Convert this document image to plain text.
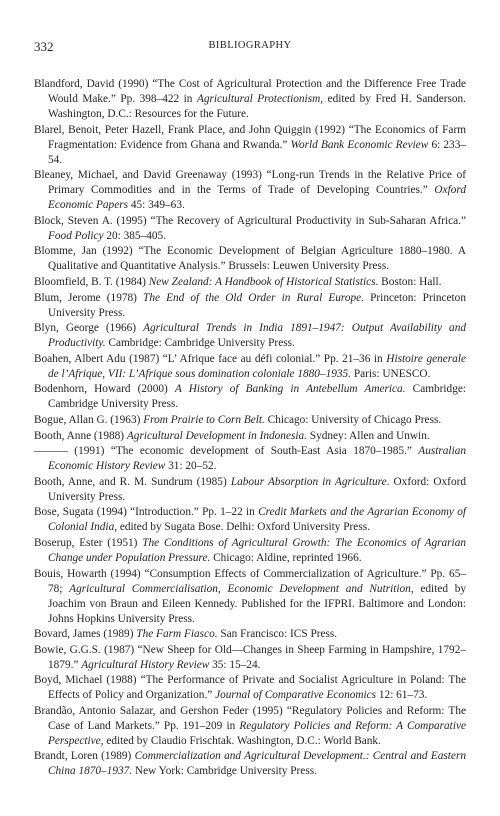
332	BIBLIOGRAPHY

Blandford, David (1990) “The Cost of Agricultural Protection and the Difference Free Trade Would Make.” Pp. 398–422 in Agricultural Protectionism, edited by Fred H. Sanderson. Washington, D.C.: Resources for the Future.

Blarel, Benoit, Peter Hazell, Frank Place, and John Quiggin (1992) “The Economics of Farm Fragmentation: Evidence from Ghana and Rwanda.” World Bank Economic Review 6: 233–54.

Bleaney, Michael, and David Greenaway (1993) “Long-run Trends in the Relative Price of Primary Commodities and in the Terms of Trade of Developing Countries.” Oxford Economic Papers 45: 349–63.

Block, Steven A. (1995) “The Recovery of Agricultural Productivity in Sub-Saharan Africa.” Food Policy 20: 385–405.

Blomme, Jan (1992) “The Economic Development of Belgian Agriculture 1880–1980. A Qualitative and Quantitative Analysis.” Brussels: Leuwen University Press.

Bloomfield, B. T. (1984) New Zealand: A Handbook of Historical Statistics. Boston: Hall.

Blum, Jerome (1978) The End of the Old Order in Rural Europe. Princeton: Princeton University Press.

Blyn, George (1966) Agricultural Trends in India 1891–1947: Output Availability and Productivity. Cambridge: Cambridge University Press.

Boahen, Albert Adu (1987) “L’ Afrique face au défi colonial.” Pp. 21–36 in Histoire generale de l’Afrique, VII: L’Afrique sous domination coloniale 1880–1935. Paris: UNESCO.

Bodenhorn, Howard (2000) A History of Banking in Antebellum America. Cambridge: Cambridge University Press.

Bogue, Allan G. (1963) From Prairie to Corn Belt. Chicago: University of Chicago Press.

Booth, Anne (1988) Agricultural Development in Indonesia. Sydney: Allen and Unwin.

——— (1991) “The economic development of South-East Asia 1870–1985.” Australian Economic History Review 31: 20–52.

Booth, Anne, and R. M. Sundrum (1985) Labour Absorption in Agriculture. Oxford: Oxford University Press.

Bose, Sugata (1994) “Introduction.” Pp. 1–22 in Credit Markets and the Agrarian Economy of Colonial India, edited by Sugata Bose. Delhi: Oxford University Press.

Boserup, Ester (1951) The Conditions of Agricultural Growth: The Economics of Agrarian Change under Population Pressure. Chicago: Aldine, reprinted 1966.

Bouis, Howarth (1994) “Consumption Effects of Commercialization of Agriculture.” Pp. 65–78; Agricultural Commercialisation, Economic Development and Nutrition, edited by Joachim von Braun and Eileen Kennedy. Published for the IFPRI. Baltimore and London: Johns Hopkins University Press.

Bovard, James (1989) The Farm Fiasco. San Francisco: ICS Press.

Bowie, G.G.S. (1987) “New Sheep for Old—Changes in Sheep Farming in Hampshire, 1792–1879.” Agricultural History Review 35: 15–24.

Boyd, Michael (1988) “The Performance of Private and Socialist Agriculture in Poland: The Effects of Policy and Organization.” Journal of Comparative Economics 12: 61–73.

Brandão, Antonio Salazar, and Gershon Feder (1995) “Regulatory Policies and Reform: The Case of Land Markets.” Pp. 191–209 in Regulatory Policies and Reform: A Comparative Perspective, edited by Claudio Frischtak. Washington, D.C.: World Bank.

Brandt, Loren (1989) Commercialization and Agricultural Development.: Central and Eastern China 1870–1937. New York: Cambridge University Press.
